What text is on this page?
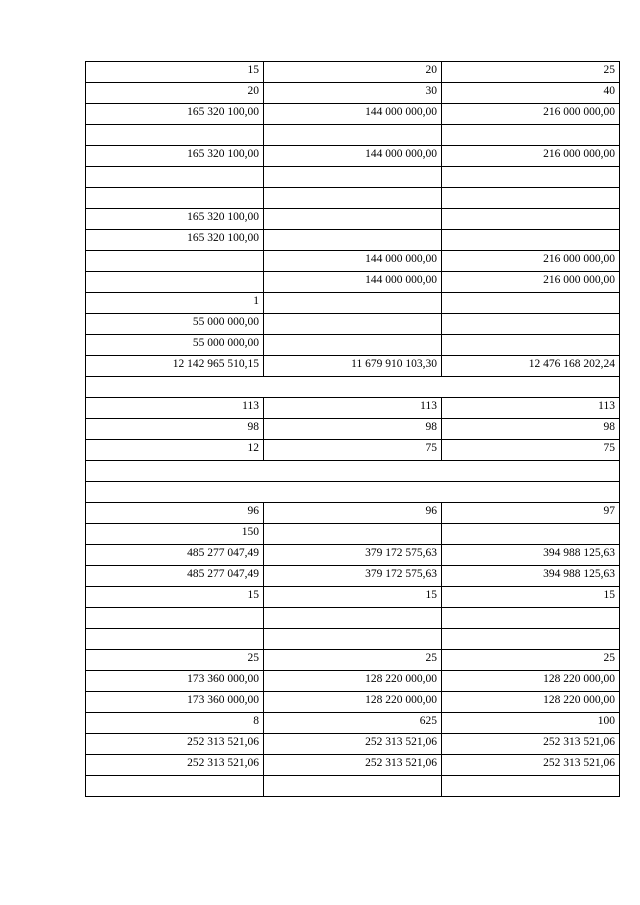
15	20	25
20	30	40
165 320 100,00	144 000 000,00	216 000 000,00

165 320 100,00	144 000 000,00	216 000 000,00

165 320 100,00		
165 320 100,00		
	144 000 000,00	216 000 000,00
	144 000 000,00	216 000 000,00
1		
55 000 000,00		
55 000 000,00		
12 142 965 510,15	11 679 910 103,30	12 476 168 202,24

113	113	113
98	98	98
12	75	75

96	96	97
150		
485 277 047,49	379 172 575,63	394 988 125,63
485 277 047,49	379 172 575,63	394 988 125,63
15	15	15

25	25	25
173 360 000,00	128 220 000,00	128 220 000,00
173 360 000,00	128 220 000,00	128 220 000,00
8	625	100
252 313 521,06	252 313 521,06	252 313 521,06
252 313 521,06	252 313 521,06	252 313 521,06
